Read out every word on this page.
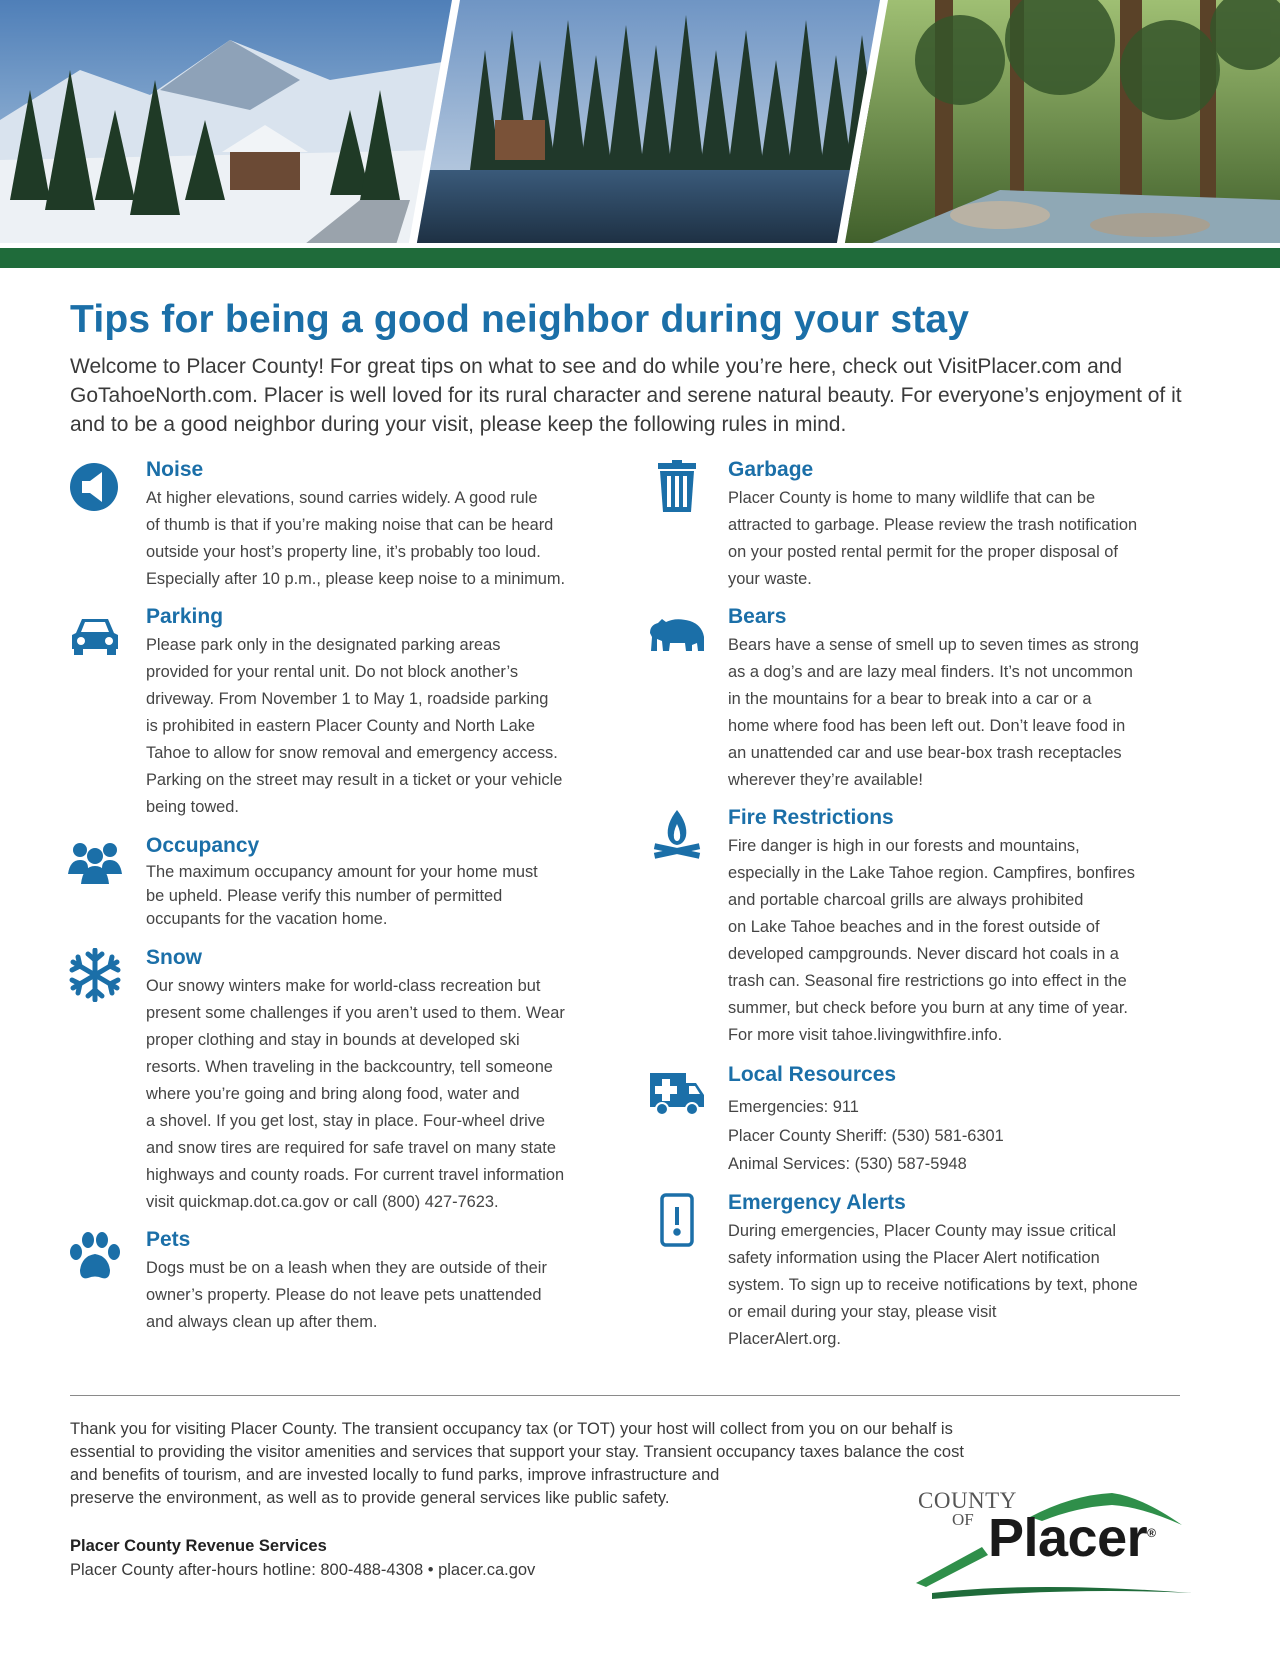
Tips for being a good neighbor during your stay
Welcome to Placer County! For great tips on what to see and do while you’re here, check out VisitPlacer.com and GoTahoeNorth.com. Placer is well loved for its rural character and serene natural beauty. For everyone’s enjoyment of it and to be a good neighbor during your visit, please keep the following rules in mind.
Noise
At higher elevations, sound carries widely. A good rule
of thumb is that if you’re making noise that can be heard
outside your host’s property line, it’s probably too loud.
Especially after 10 p.m., please keep noise to a minimum.
Parking
Please park only in the designated parking areas
provided for your rental unit. Do not block another’s
driveway. From November 1 to May 1, roadside parking
is prohibited in eastern Placer County and North Lake
Tahoe to allow for snow removal and emergency access.
Parking on the street may result in a ticket or your vehicle
being towed.
Occupancy
The maximum occupancy amount for your home must
be upheld. Please verify this number of permitted
occupants for the vacation home.
Snow
Our snowy winters make for world-class recreation but
present some challenges if you aren’t used to them. Wear
proper clothing and stay in bounds at developed ski
resorts. When traveling in the backcountry, tell someone
where you’re going and bring along food, water and
a shovel. If you get lost, stay in place. Four-wheel drive
and snow tires are required for safe travel on many state
highways and county roads. For current travel information
visit quickmap.dot.ca.gov or call (800) 427-7623.
Pets
Dogs must be on a leash when they are outside of their
owner’s property. Please do not leave pets unattended
and always clean up after them.
Garbage
Placer County is home to many wildlife that can be
attracted to garbage. Please review the trash notification
on your posted rental permit for the proper disposal of
your waste.
Bears
Bears have a sense of smell up to seven times as strong
as a dog’s and are lazy meal finders. It’s not uncommon
in the mountains for a bear to break into a car or a
home where food has been left out. Don’t leave food in
an unattended car and use bear-box trash receptacles
wherever they’re available!
Fire Restrictions
Fire danger is high in our forests and mountains,
especially in the Lake Tahoe region. Campfires, bonfires
and portable charcoal grills are always prohibited
on Lake Tahoe beaches and in the forest outside of
developed campgrounds. Never discard hot coals in a
trash can. Seasonal fire restrictions go into effect in the
summer, but check before you burn at any time of year.
For more visit tahoe.livingwithfire.info.
Local Resources
Emergencies: 911
Placer County Sheriff: (530) 581-6301
Animal Services: (530) 587-5948
Emergency Alerts
During emergencies, Placer County may issue critical
safety information using the Placer Alert notification
system. To sign up to receive notifications by text, phone
or email during your stay, please visit
PlacerAlert.org.
Thank you for visiting Placer County. The transient occupancy tax (or TOT) your host will collect from you on our behalf is
essential to providing the visitor amenities and services that support your stay. Transient occupancy taxes balance the cost
and benefits of tourism, and are invested locally to fund parks, improve infrastructure and
preserve the environment, as well as to provide general services like public safety.
Placer County Revenue Services
Placer County after-hours hotline: 800-488-4308 • placer.ca.gov
COUNTY
OF Placer®
